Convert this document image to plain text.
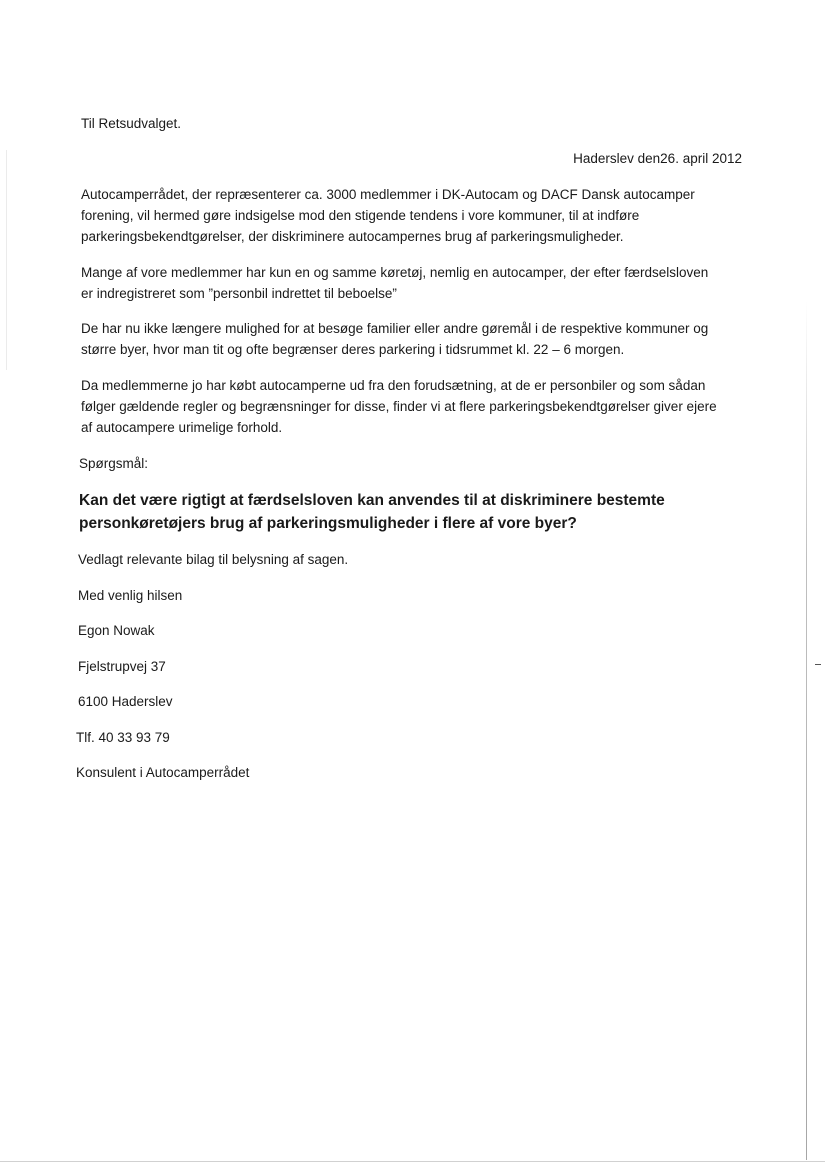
Til Retsudvalget.
Haderslev den26. april 2012
Autocamperrådet, der repræsenterer ca. 3000 medlemmer i DK-Autocam og DACF Dansk autocamper
forening, vil hermed gøre indsigelse mod den stigende tendens i vore kommuner, til at indføre
parkeringsbekendtgørelser, der diskriminere autocampernes brug af parkeringsmuligheder.
Mange af vore medlemmer har kun en og samme køretøj, nemlig en autocamper, der efter færdselsloven
er indregistreret som ”personbil indrettet til beboelse”
De har nu ikke længere mulighed for at besøge familier eller andre gøremål i de respektive kommuner og
større byer, hvor man tit og ofte begrænser deres parkering i tidsrummet kl. 22 – 6 morgen.
Da medlemmerne jo har købt autocamperne ud fra den forudsætning, at de er personbiler og som sådan
følger gældende regler og begrænsninger for disse, finder vi at flere parkeringsbekendtgørelser giver ejere
af autocampere urimelige forhold.
Spørgsmål:
Kan det være rigtigt at færdselsloven kan anvendes til at diskriminere bestemte
personkøretøjers brug af parkeringsmuligheder i flere af vore byer?
Vedlagt relevante bilag til belysning af sagen.
Med venlig hilsen
Egon Nowak
Fjelstrupvej 37
6100 Haderslev
Tlf. 40 33 93 79
Konsulent i Autocamperrådet
